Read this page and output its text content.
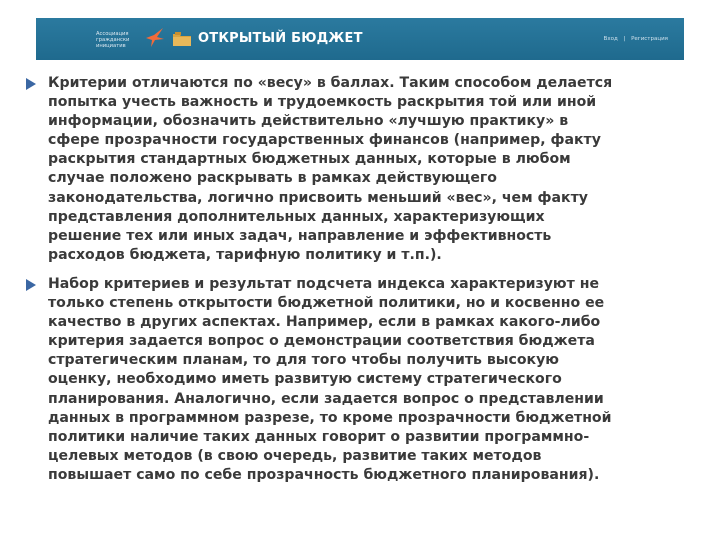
Ассоциация
граждански
инициатив	ОТКРЫТЫЙ БЮДЖЕТ	Вход | Регистрация

Критерии отличаются по «весу» в баллах. Таким способом делается
попытка учесть важность и трудоемкость раскрытия той или иной
информации, обозначить действительно «лучшую практику» в
сфере прозрачности государственных финансов (например, факту
раскрытия стандартных бюджетных данных, которые в любом
случае положено раскрывать в рамках действующего
законодательства, логично присвоить меньший «вес», чем факту
представления дополнительных данных, характеризующих
решение тех или иных задач, направление и эффективность
расходов бюджета, тарифную политику и т.п.).

Набор критериев и результат подсчета индекса характеризуют не
только степень открытости бюджетной политики, но и косвенно ее
качество в других аспектах. Например, если в рамках какого-либо
критерия задается вопрос о демонстрации соответствия бюджета
стратегическим планам, то для того чтобы получить высокую
оценку, необходимо иметь развитую систему стратегического
планирования. Аналогично, если задается вопрос о представлении
данных в программном разрезе, то кроме прозрачности бюджетной
политики наличие таких данных говорит о развитии программно-
целевых методов (в свою очередь, развитие таких методов
повышает само по себе прозрачность бюджетного планирования).
